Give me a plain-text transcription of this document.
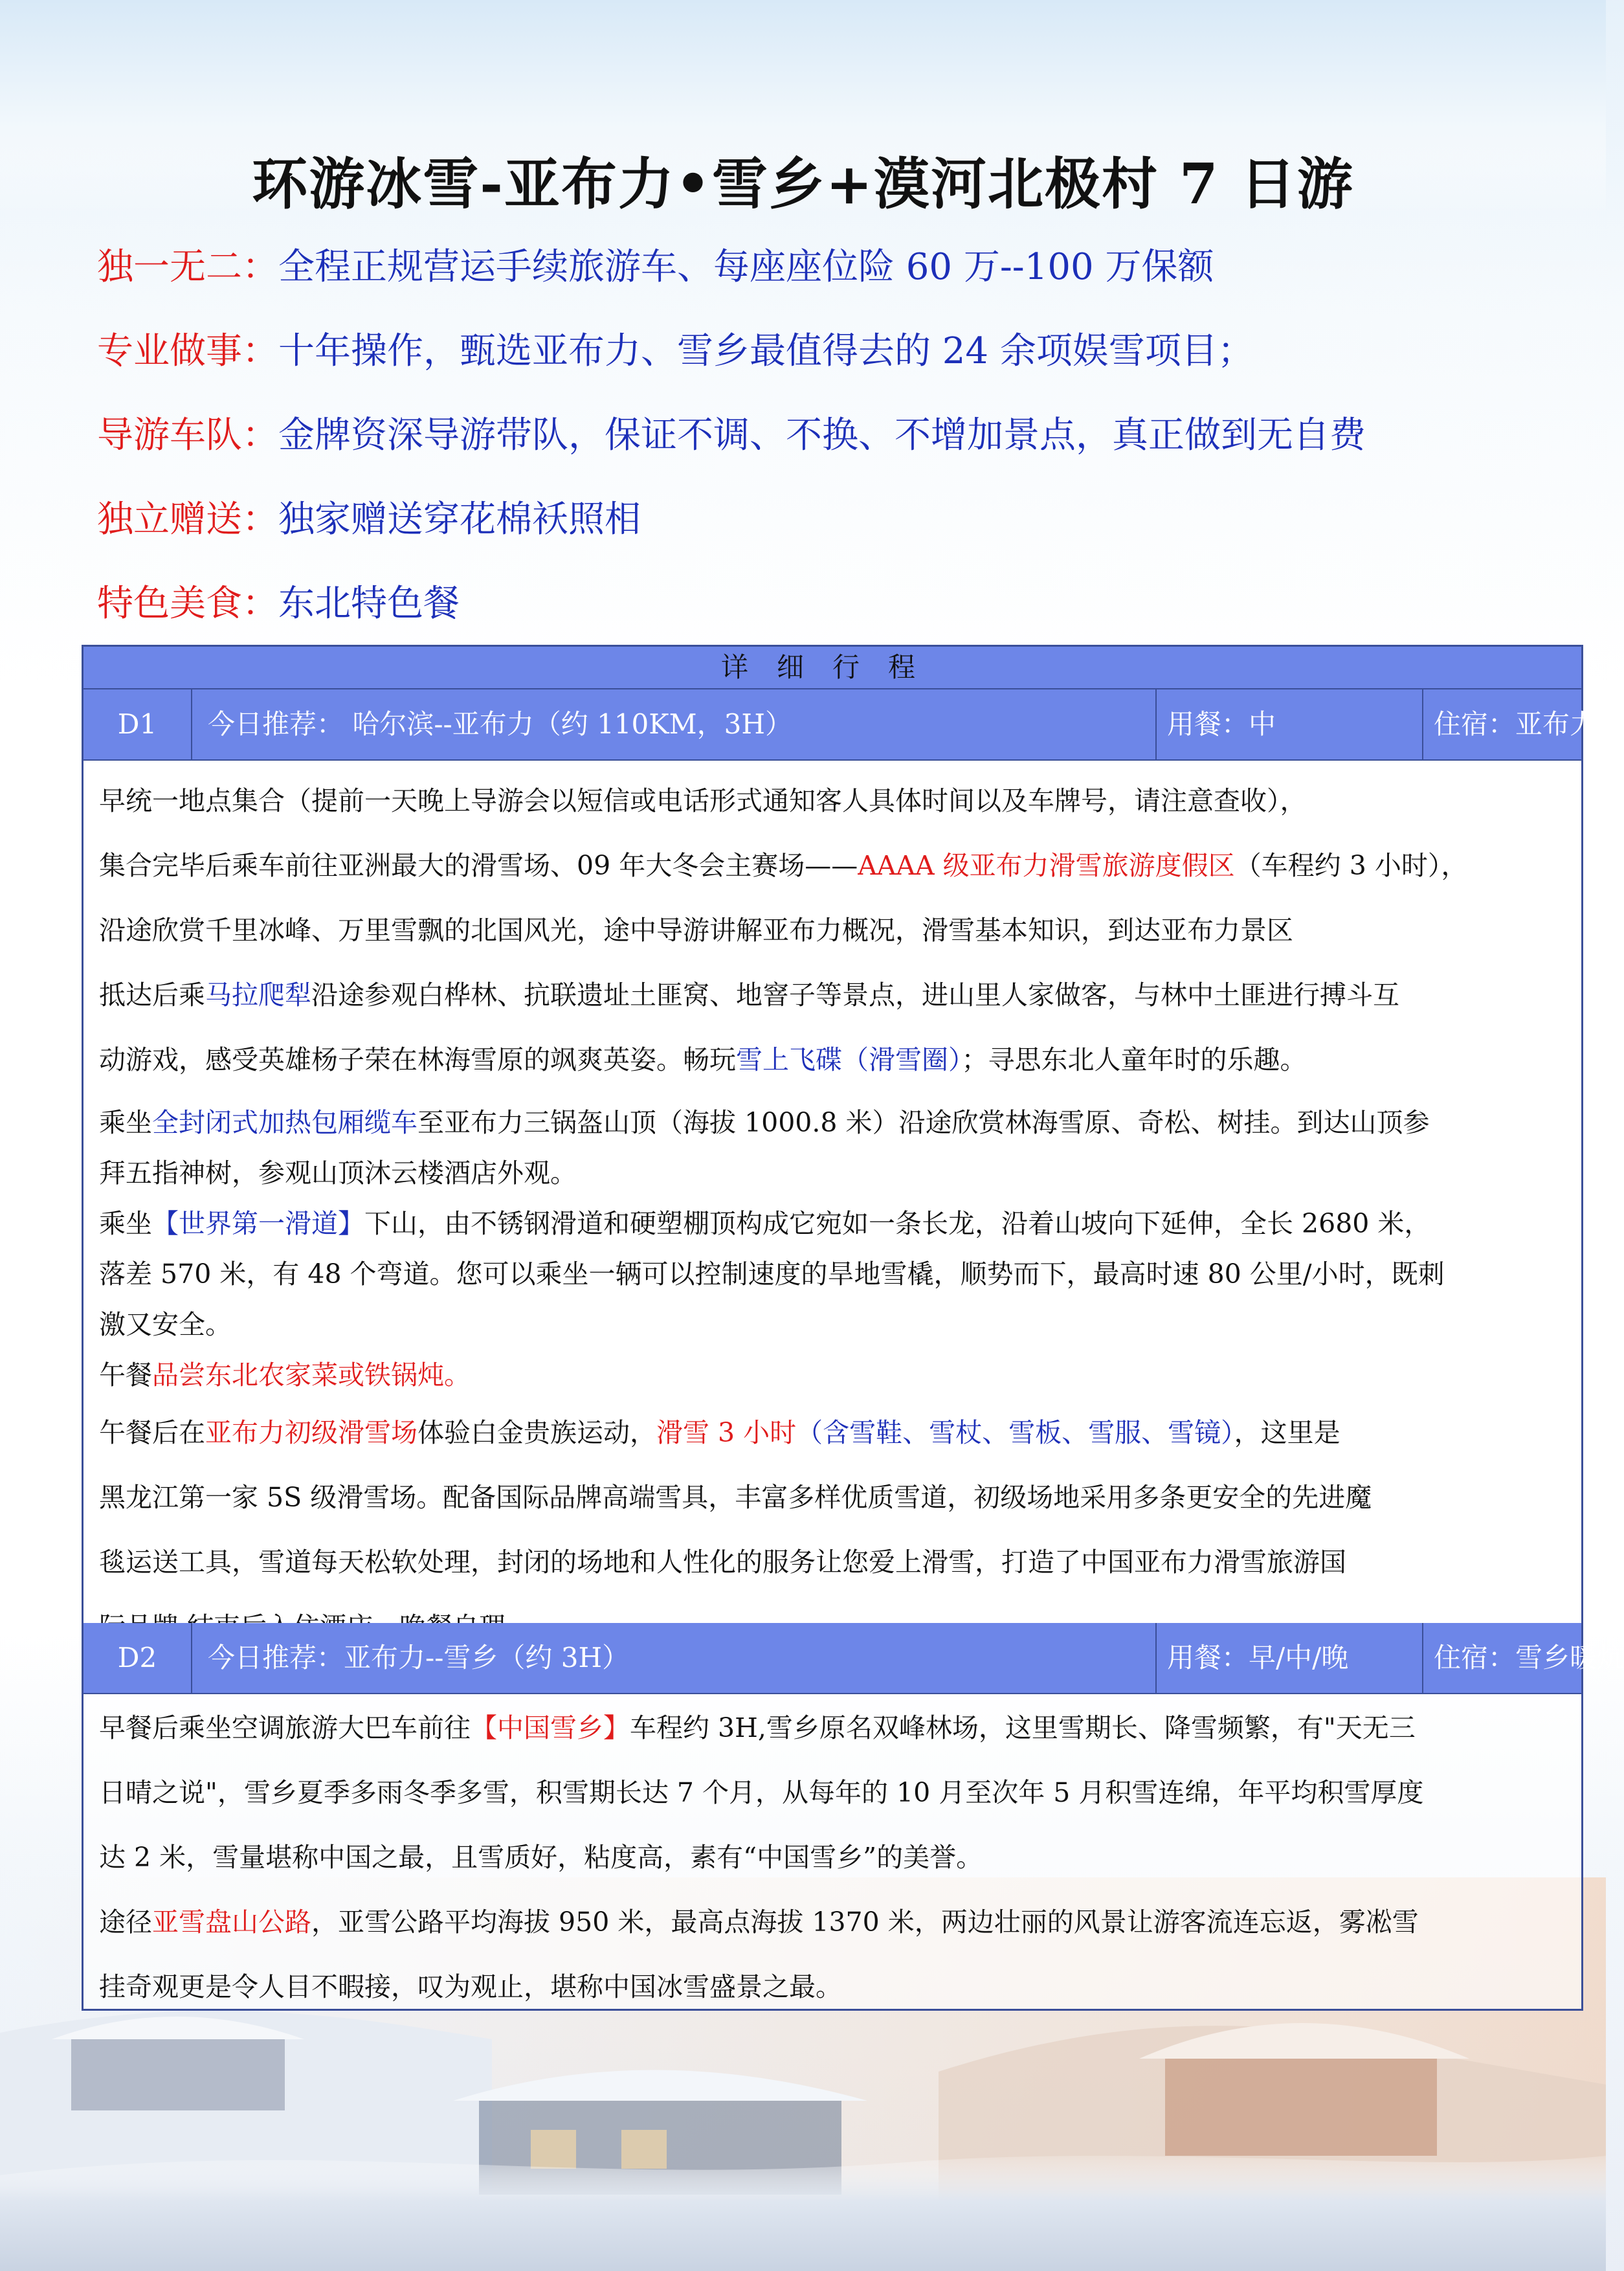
环游冰雪-亚布力•雪乡+漠河北极村 7 日游
独一无二：全程正规营运手续旅游车、每座座位险 60 万--100 万保额
专业做事：十年操作，甄选亚布力、雪乡最值得去的 24 余项娱雪项目；
导游车队：金牌资深导游带队，保证不调、不换、不增加景点，真正做到无自费
独立赠送：独家赠送穿花棉袄照相
特色美食：东北特色餐
详细行程
D1	今日推荐： 哈尔滨--亚布力（约 110KM，3H）	用餐：中	住宿：亚布力

早统一地点集合（提前一天晚上导游会以短信或电话形式通知客人具体时间以及车牌号，请注意查收），

集合完毕后乘车前往亚洲最大的滑雪场、09 年大冬会主赛场——AAAA 级亚布力滑雪旅游度假区（车程约 3 小时），

沿途欣赏千里冰峰、万里雪飘的北国风光，途中导游讲解亚布力概况，滑雪基本知识，到达亚布力景区

抵达后乘马拉爬犁沿途参观白桦林、抗联遗址土匪窝、地窨子等景点，进山里人家做客，与林中土匪进行搏斗互

动游戏，感受英雄杨子荣在林海雪原的飒爽英姿。畅玩雪上飞碟（滑雪圈）；寻思东北人童年时的乐趣。

乘坐全封闭式加热包厢缆车至亚布力三锅盔山顶（海拔 1000.8 米）沿途欣赏林海雪原、奇松、树挂。到达山顶参

拜五指神树，参观山顶沐云楼酒店外观。

乘坐【世界第一滑道】下山，由不锈钢滑道和硬塑棚顶构成它宛如一条长龙，沿着山坡向下延伸，全长 2680 米，

落差 570 米，有 48 个弯道。您可以乘坐一辆可以控制速度的旱地雪橇，顺势而下，最高时速 80 公里/小时，既刺

激又安全。

午餐品尝东北农家菜或铁锅炖。

午餐后在亚布力初级滑雪场体验白金贵族运动，滑雪 3 小时（含雪鞋、雪杖、雪板、雪服、雪镜），这里是

黑龙江第一家 5S 级滑雪场。配备国际品牌高端雪具，丰富多样优质雪道，初级场地采用多条更安全的先进魔

毯运送工具，雪道每天松软处理，封闭的场地和人性化的服务让您爱上滑雪，打造了中国亚布力滑雪旅游国

D2	今日推荐：亚布力--雪乡（约 3H）	用餐：早/中/晚	住宿：雪乡暖炕

早餐后乘坐空调旅游大巴车前往【中国雪乡】车程约 3H,雪乡原名双峰林场，这里雪期长、降雪频繁，有"天无三

日晴之说"，雪乡夏季多雨冬季多雪，积雪期长达 7 个月，从每年的 10 月至次年 5 月积雪连绵，年平均积雪厚度

达 2 米，雪量堪称中国之最，且雪质好，粘度高，素有“中国雪乡”的美誉。

途径亚雪盘山公路，亚雪公路平均海拔 950 米，最高点海拔 1370 米，两边壮丽的风景让游客流连忘返，雾凇雪

挂奇观更是令人目不暇接，叹为观止，堪称中国冰雪盛景之最。
